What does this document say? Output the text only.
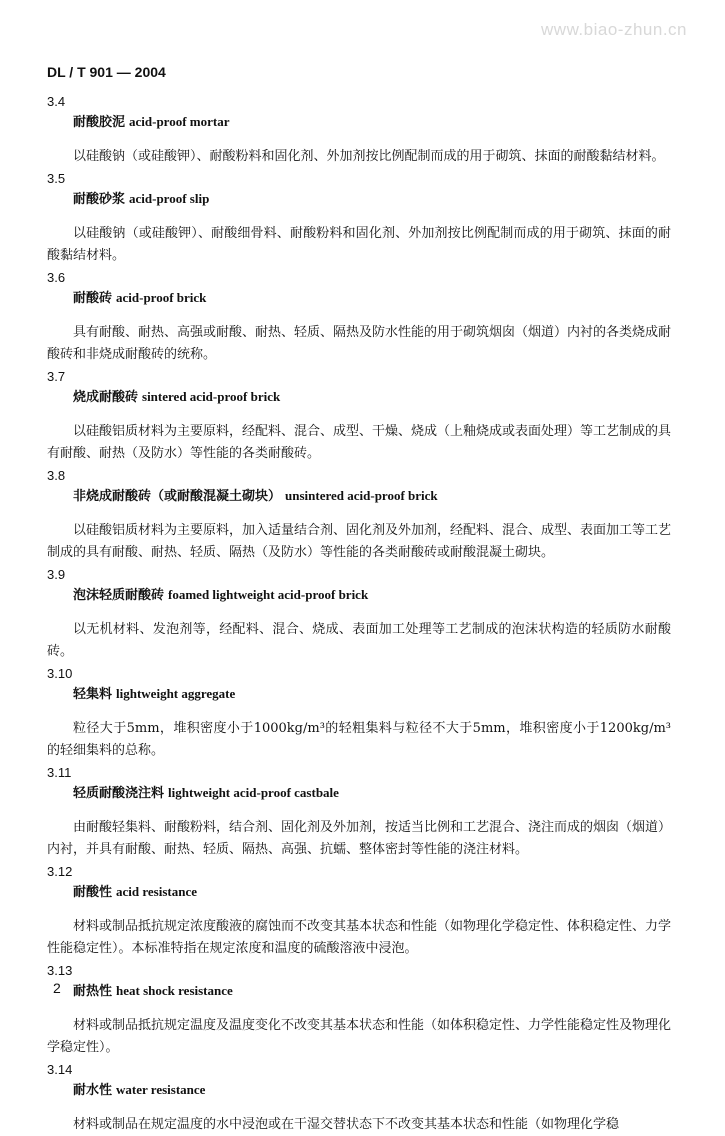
www.biao-zhun.cn
DL / T 901 — 2004
3.4
耐酸胶泥 acid-proof mortar

以硅酸钠（或硅酸钾）、耐酸粉料和固化剂、外加剂按比例配制而成的用于砌筑、抹面的耐酸黏结材料。

3.5
耐酸砂浆 acid-proof slip

以硅酸钠（或硅酸钾）、耐酸细骨料、耐酸粉料和固化剂、外加剂按比例配制而成的用于砌筑、抹面的耐酸黏结材料。

3.6
耐酸砖 acid-proof brick

具有耐酸、耐热、高强或耐酸、耐热、轻质、隔热及防水性能的用于砌筑烟囱（烟道）内衬的各类烧成耐酸砖和非烧成耐酸砖的统称。

3.7
烧成耐酸砖 sintered acid-proof brick

以硅酸铝质材料为主要原料，经配料、混合、成型、干燥、烧成（上釉烧成或表面处理）等工艺制成的具有耐酸、耐热（及防水）等性能的各类耐酸砖。

3.8
非烧成耐酸砖（或耐酸混凝土砌块） unsintered acid-proof brick

以硅酸铝质材料为主要原料，加入适量结合剂、固化剂及外加剂，经配料、混合、成型、表面加工等工艺制成的具有耐酸、耐热、轻质、隔热（及防水）等性能的各类耐酸砖或耐酸混凝土砌块。

3.9
泡沫轻质耐酸砖 foamed lightweight acid-proof brick

以无机材料、发泡剂等，经配料、混合、烧成、表面加工处理等工艺制成的泡沫状构造的轻质防水耐酸砖。

3.10
轻集料 lightweight aggregate

粒径大于5mm，堆积密度小于1000kg/m³的轻粗集料与粒径不大于5mm，堆积密度小于1200kg/m³的轻细集料的总称。

3.11
轻质耐酸浇注料 lightweight acid-proof castbale

由耐酸轻集料、耐酸粉料，结合剂、固化剂及外加剂，按适当比例和工艺混合、浇注而成的烟囱（烟道）内衬，并具有耐酸、耐热、轻质、隔热、高强、抗蠕、整体密封等性能的浇注材料。

3.12
耐酸性 acid resistance

材料或制品抵抗规定浓度酸液的腐蚀而不改变其基本状态和性能（如物理化学稳定性、体积稳定性、力学性能稳定性）。本标准特指在规定浓度和温度的硫酸溶液中浸泡。

3.13
耐热性 heat shock resistance

材料或制品抵抗规定温度及温度变化不改变其基本状态和性能（如体积稳定性、力学性能稳定性及物理化学稳定性）。

3.14
耐水性 water resistance

材料或制品在规定温度的水中浸泡或在干湿交替状态下不改变其基本状态和性能（如物理化学稳

2
